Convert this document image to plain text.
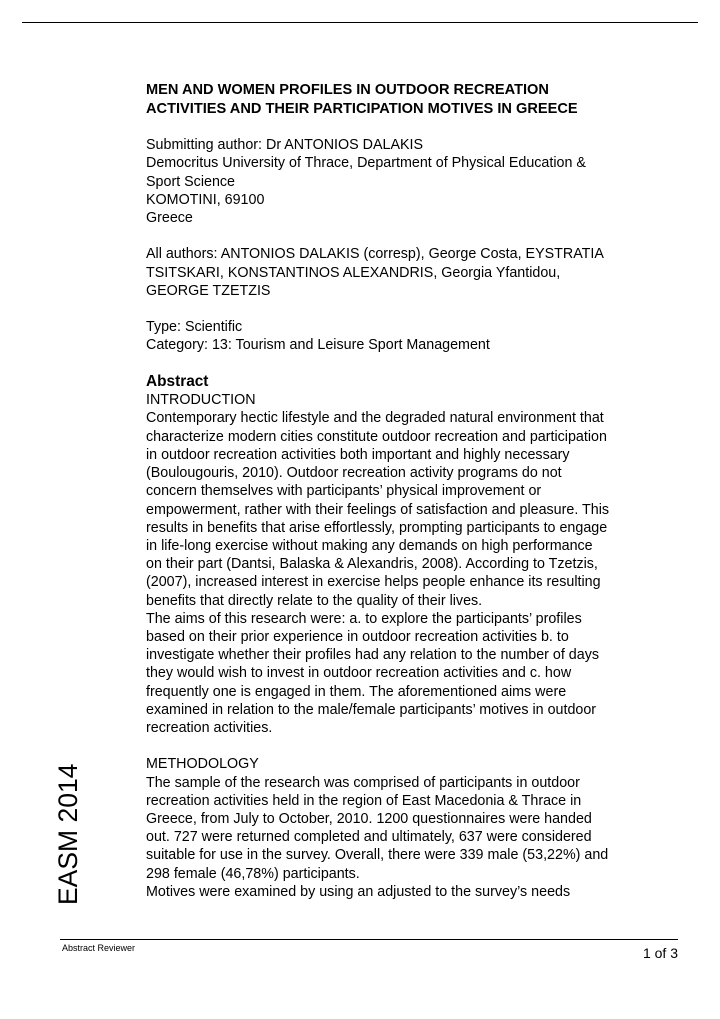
EASM 2014
MEN AND WOMEN PROFILES IN OUTDOOR RECREATION
ACTIVITIES AND THEIR PARTICIPATION MOTIVES IN GREECE

Submitting author: Dr ANTONIOS DALAKIS
Democritus University of Thrace, Department of Physical Education &
Sport Science
KOMOTINI, 69100
Greece

All authors: ANTONIOS DALAKIS (corresp), George Costa, EYSTRATIA
TSITSKARI, KONSTANTINOS ALEXANDRIS, Georgia Yfantidou,
GEORGE TZETZIS

Type: Scientific
Category: 13: Tourism and Leisure Sport Management

Abstract

INTRODUCTION
Contemporary hectic lifestyle and the degraded natural environment that
characterize modern cities constitute outdoor recreation and participation
in outdoor recreation activities both important and highly necessary
(Boulougouris, 2010). Outdoor recreation activity programs do not
concern themselves with participants’ physical improvement or
empowerment, rather with their feelings of satisfaction and pleasure. This
results in benefits that arise effortlessly, prompting participants to engage
in life-long exercise without making any demands on high performance
on their part (Dantsi, Balaska & Alexandris, 2008). According to Tzetzis,
(2007), increased interest in exercise helps people enhance its resulting
benefits that directly relate to the quality of their lives.
The aims of this research were: a. to explore the participants’ profiles
based on their prior experience in outdoor recreation activities b. to
investigate whether their profiles had any relation to the number of days
they would wish to invest in outdoor recreation activities and c. how
frequently one is engaged in them. The aforementioned aims were
examined in relation to the male/female participants’ motives in outdoor
recreation activities.

METHODOLOGY
The sample of the research was comprised of participants in outdoor
recreation activities held in the region of East Macedonia & Thrace in
Greece, from July to October, 2010. 1200 questionnaires were handed
out. 727 were returned completed and ultimately, 637 were considered
suitable for use in the survey. Overall, there were 339 male (53,22%) and
298 female (46,78%) participants.
Motives were examined by using an adjusted to the survey’s needs

Abstract Reviewer	1 of 3
